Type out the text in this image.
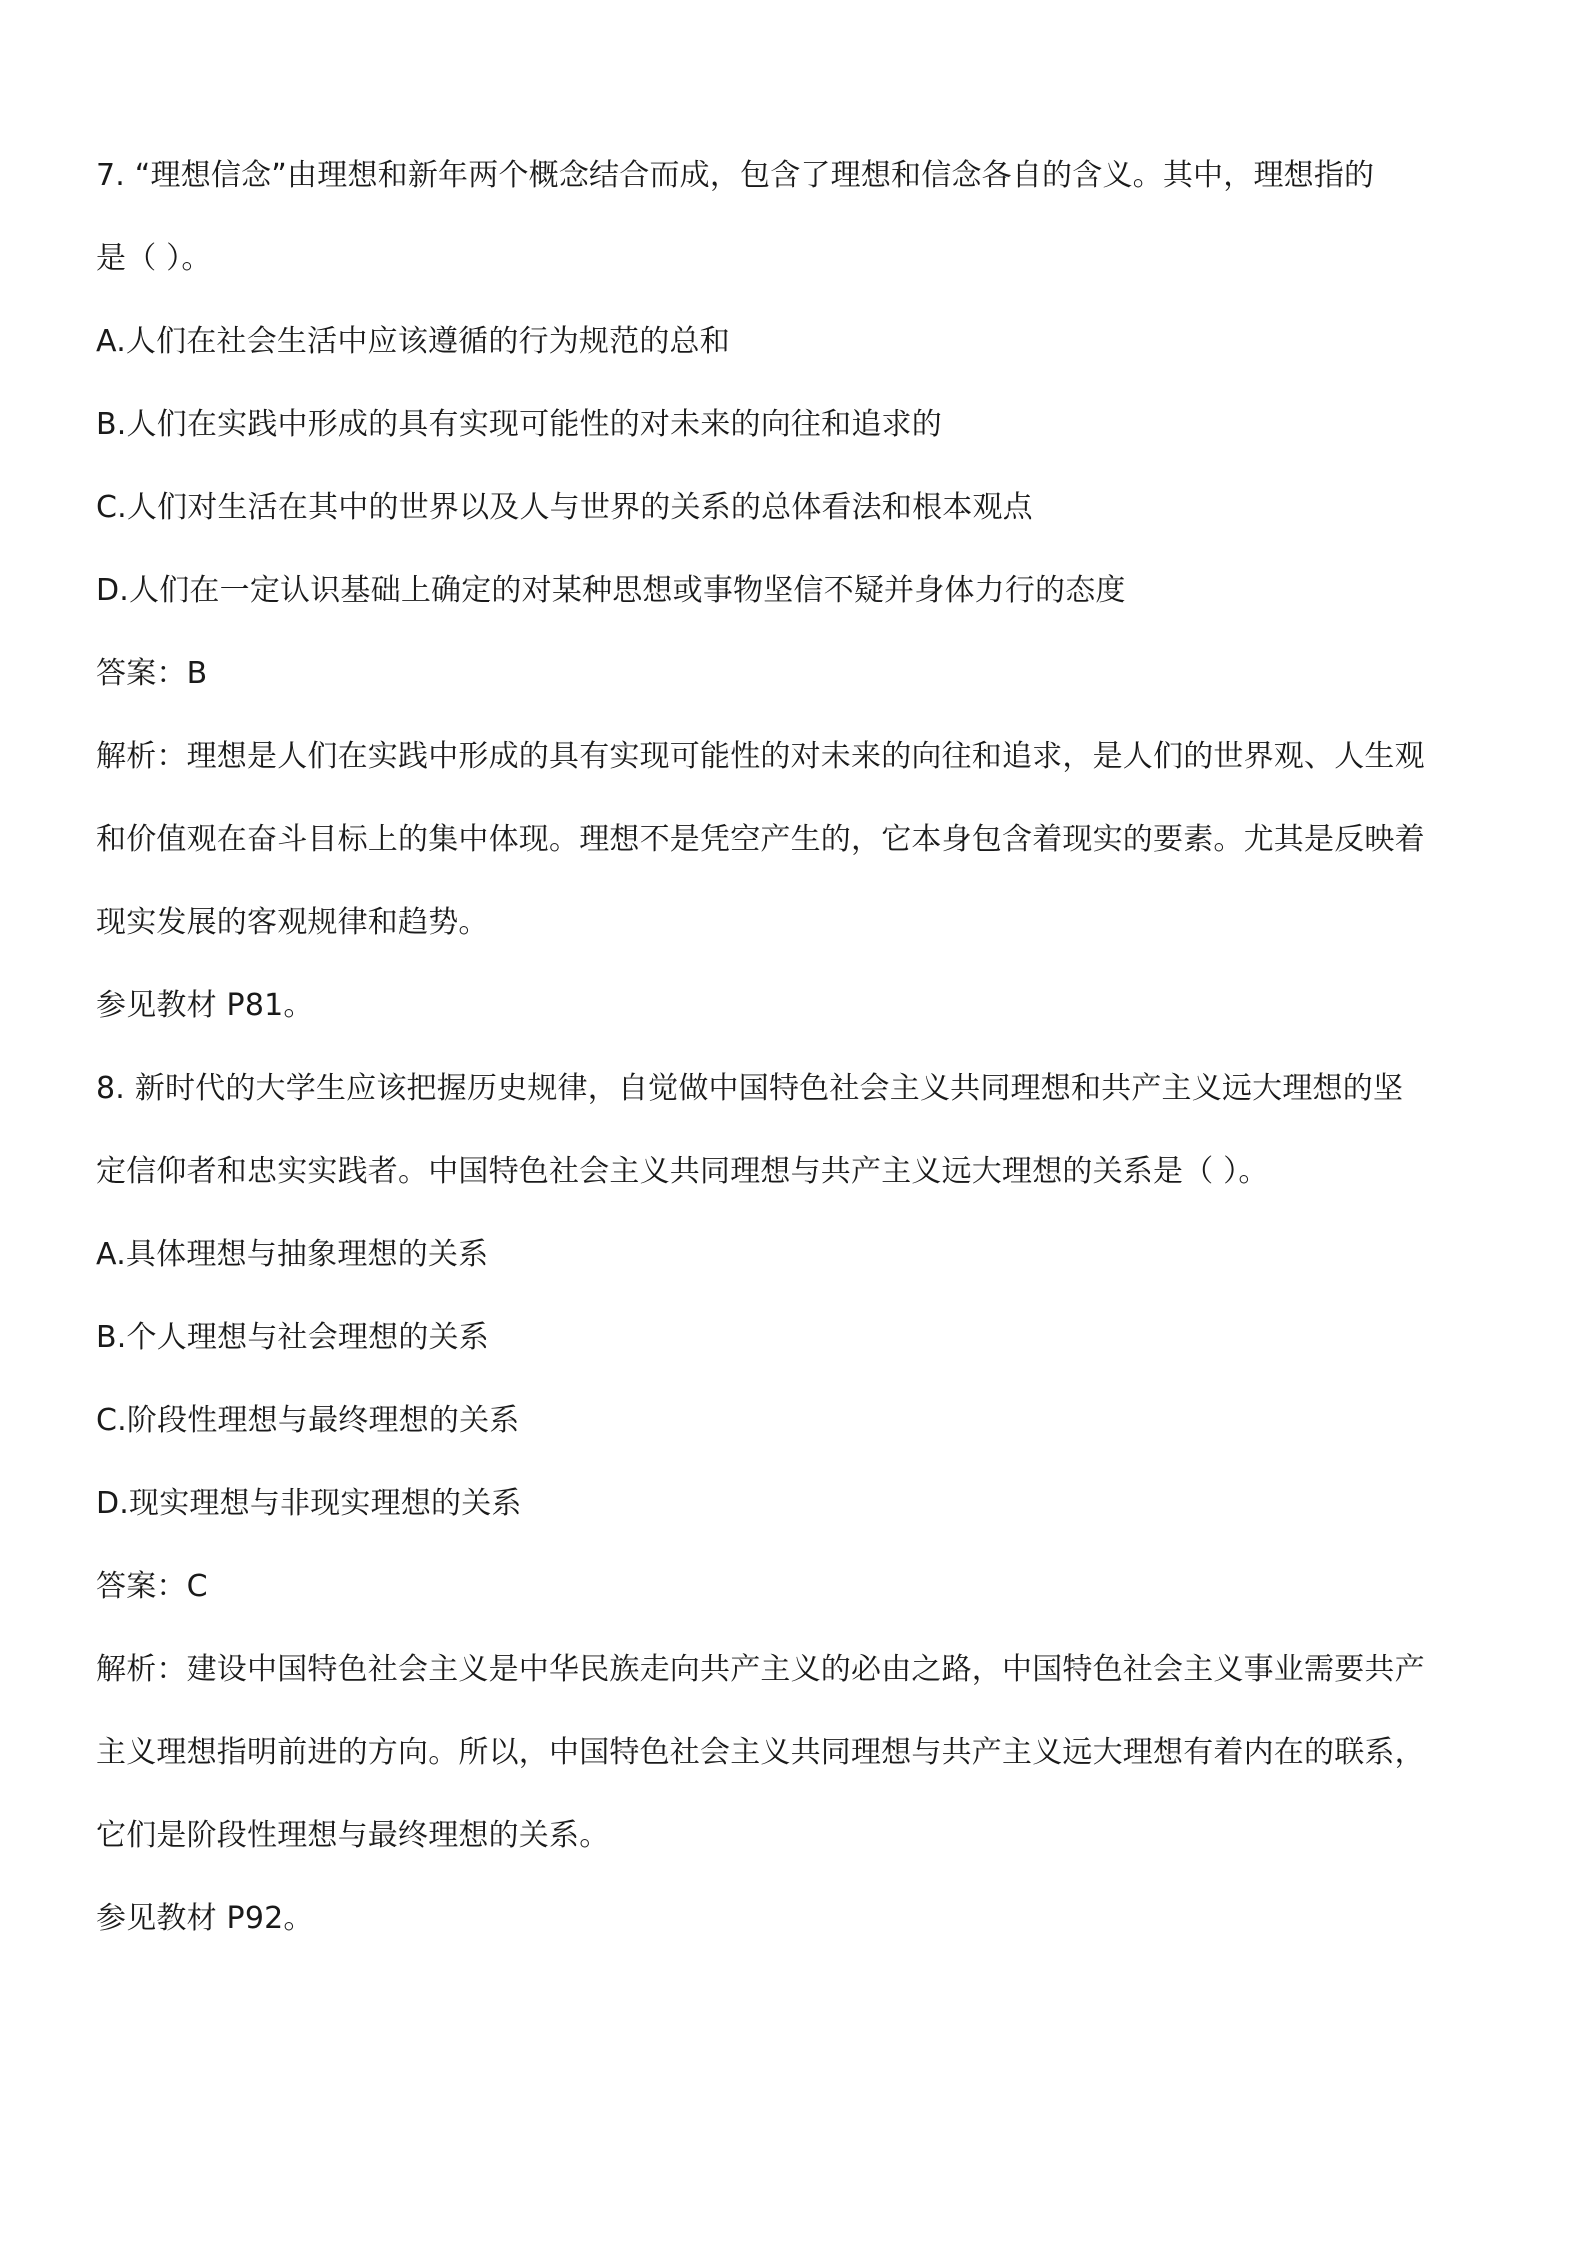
7. “理想信念”由理想和新年两个概念结合而成，包含了理想和信念各自的含义。其中，理想指的
是（ ）。
A.人们在社会生活中应该遵循的行为规范的总和
B.人们在实践中形成的具有实现可能性的对未来的向往和追求的
C.人们对生活在其中的世界以及人与世界的关系的总体看法和根本观点
D.人们在一定认识基础上确定的对某种思想或事物坚信不疑并身体力行的态度
答案：B
解析：理想是人们在实践中形成的具有实现可能性的对未来的向往和追求，是人们的世界观、人生观
和价值观在奋斗目标上的集中体现。理想不是凭空产生的，它本身包含着现实的要素。尤其是反映着
现实发展的客观规律和趋势。
参见教材 P81。
8. 新时代的大学生应该把握历史规律，自觉做中国特色社会主义共同理想和共产主义远大理想的坚
定信仰者和忠实实践者。中国特色社会主义共同理想与共产主义远大理想的关系是（ ）。
A.具体理想与抽象理想的关系
B.个人理想与社会理想的关系
C.阶段性理想与最终理想的关系
D.现实理想与非现实理想的关系
答案：C
解析：建设中国特色社会主义是中华民族走向共产主义的必由之路，中国特色社会主义事业需要共产
主义理想指明前进的方向。所以，中国特色社会主义共同理想与共产主义远大理想有着内在的联系，
它们是阶段性理想与最终理想的关系。
参见教材 P92。
